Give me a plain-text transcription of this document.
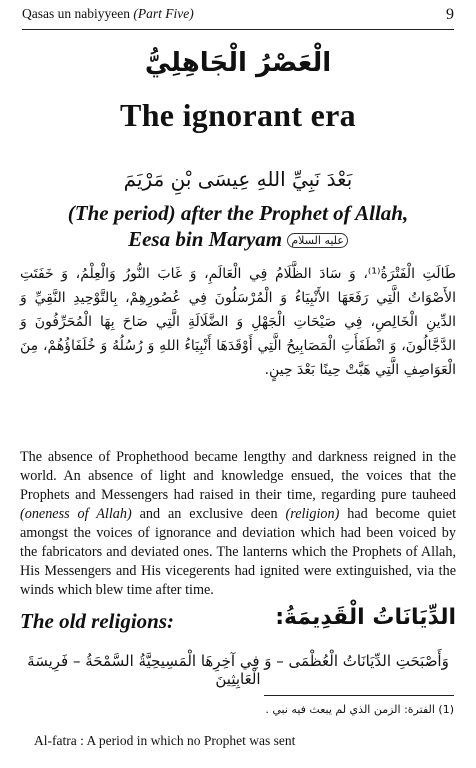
Qasas un nabiyyeen (Part Five)	9
الْعَصْرُ الْجَاهِلِيُّ
The ignorant era
بَعْدَ نَبِيِّ اللهِ عِيسَى بْنِ مَرْيَمَ
(The period) after the Prophet of Allah,
Eesa bin Maryam عليه السلام
طَالَتِ الْفَتْرَةُ⁽¹⁾، وَ سَادَ الظَّلَامُ فِي الْعَالَمِ، وَ غَابَ النُّورُ وَالْعِلْمُ، وَ خَفَتَتِ الأَصْوَاتُ الَّتِي رَفَعَهَا الأَنْبِيَاءُ وَ الْمُرْسَلُونَ فِي عُصُورِهِمْ، بِالتَّوْحِيدِ النَّقِيِّ وَ الدِّينِ الْخَالِصِ، فِي صَيْحَاتِ الْجَهْلِ وَ الضَّلَالَةِ الَّتِي صَاحَ بِهَا الْمُحَرِّفُونَ وَ الدَّجَّالُونَ، وَ انْطَفَأَتِ الْمَصَابِيحُ الَّتِي أَوْقَدَهَا أَنْبِيَاءُ اللهِ وَ رُسُلُهُ وَ خُلَفَاؤُهُمْ، مِنَ الْعَوَاصِفِ الَّتِي هَبَّتْ حِينًا بَعْدَ حِينٍ.
The absence of Prophethood became lengthy and darkness reigned in the world. An absence of light and knowledge ensued, the voices that the Prophets and Messengers had raised in their time, regarding pure tauheed (oneness of Allah) and an exclusive deen (religion) had become quiet amongst the voices of ignorance and deviation which had been voiced by the fabricators and deviated ones. The lanterns which the Prophets of Allah, His Messengers and His vicegerents had ignited were extinguished, via the winds which blew time after time.
The old religions:	الدِّيَانَاتُ الْقَدِيمَةُ:
وَأَصْبَحَتِ الدِّيَانَاتُ الْعُظْمَى – وَ فِي آخِرِهَا الْمَسِيحِيَّةُ السَّمْحَةُ – فَرِيسَةَ الْعَابِثِينَ
(1) الفترة: الزمن الذي لم يبعث فيه نبي .
Al-fatra : A period in which no Prophet was sent
